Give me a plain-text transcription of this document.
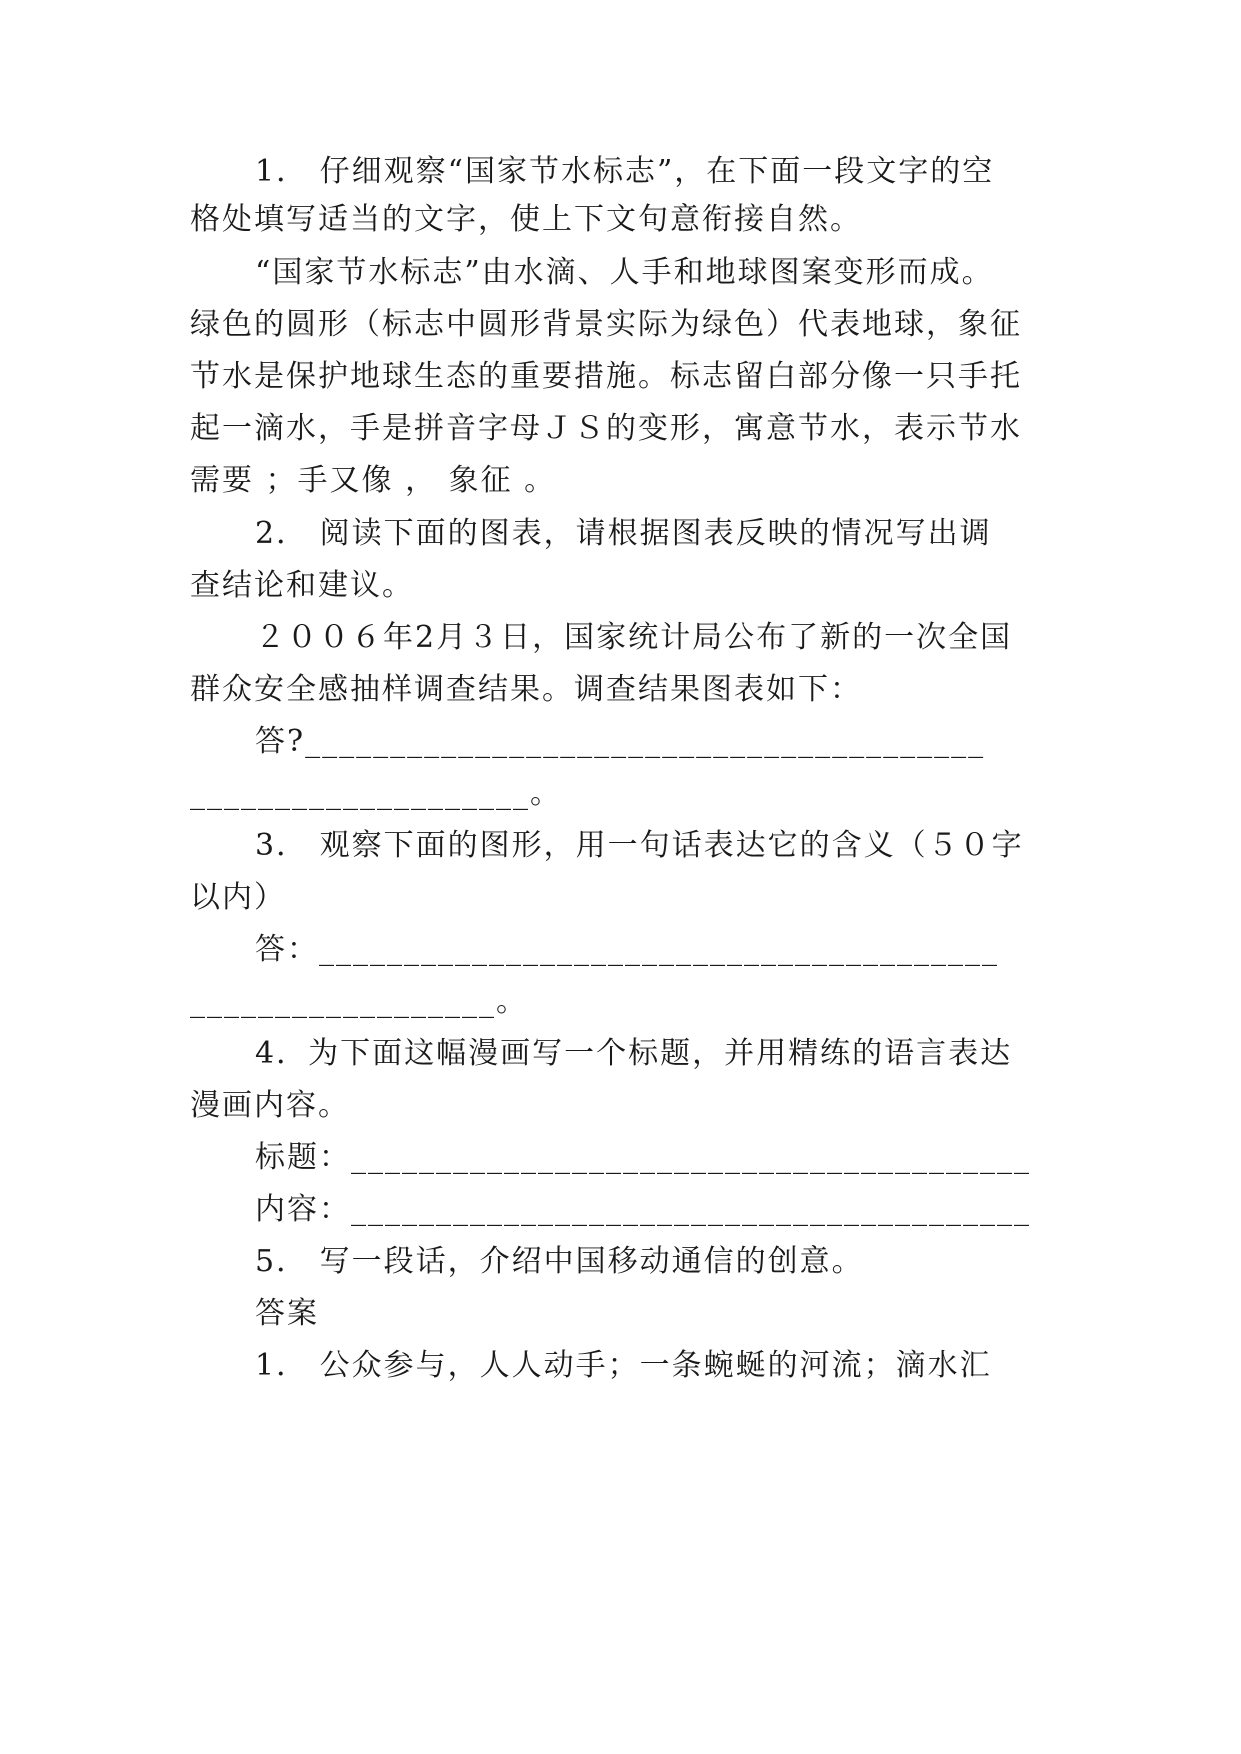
1． 仔细观察“国家节水标志”，在下面一段文字的空
格处填写适当的文字，使上下文句意衔接自然。
“国家节水标志”由水滴、人手和地球图案变形而成。
绿色的圆形（标志中圆形背景实际为绿色）代表地球，象征
节水是保护地球生态的重要措施。标志留白部分像一只手托
起一滴水，手是拼音字母ＪＳ的变形，寓意节水，表示节水
需要 ；手又像 ， 象征 。
2． 阅读下面的图表，请根据图表反映的情况写出调
查结论和建议。
２００６年2月３日，国家统计局公布了新的一次全国
群众安全感抽样调查结果。调查结果图表如下：
答?________________________________________
____________________。
3． 观察下面的图形，用一句话表达它的含义（５０字
以内）
答：________________________________________
__________________。
4．为下面这幅漫画写一个标题，并用精练的语言表达
漫画内容。
标题：________________________________________
内容：________________________________________
5． 写一段话，介绍中国移动通信的创意。
答案
1． 公众参与，人人动手；一条蜿蜒的河流；滴水汇
